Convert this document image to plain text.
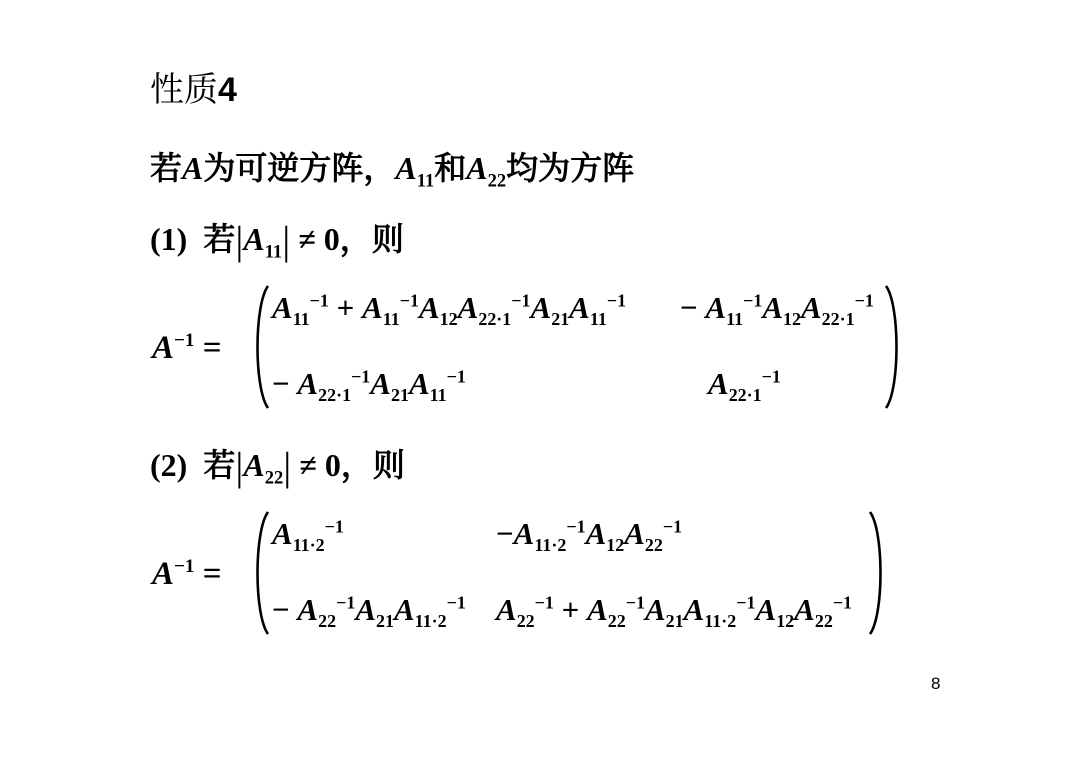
性质4
若A为可逆方阵，$A_{11}$和$A_{22}$均为方阵
(1) 若$|A_{11}| \ne 0$，则
$A^{-1}$ =
$A_{11}^{-1} + A_{11}^{-1}A_{12}A_{22\cdot 1}^{-1}A_{21}A_{11}^{-1} - A_{11}^{-1}A_{12}A_{22\cdot 1}^{-1}$
− $A_{22\cdot 1}^{-1}A_{21}A_{11}^{-1}$	$A_{22\cdot 1}^{-1}$
(2) 若$|A_{22}| \ne 0$，则
$A^{-1}$ =
$A_{11\cdot 2}^{-1}$	$-A_{11\cdot 2}^{-1}A_{12}A_{22}^{-1}$
− $A_{22}^{-1}A_{21}A_{11\cdot 2}^{-1}$ $A_{22}^{-1} + A_{22}^{-1}A_{21}A_{11\cdot 2}^{-1}A_{12}A_{22}^{-1}$
8
